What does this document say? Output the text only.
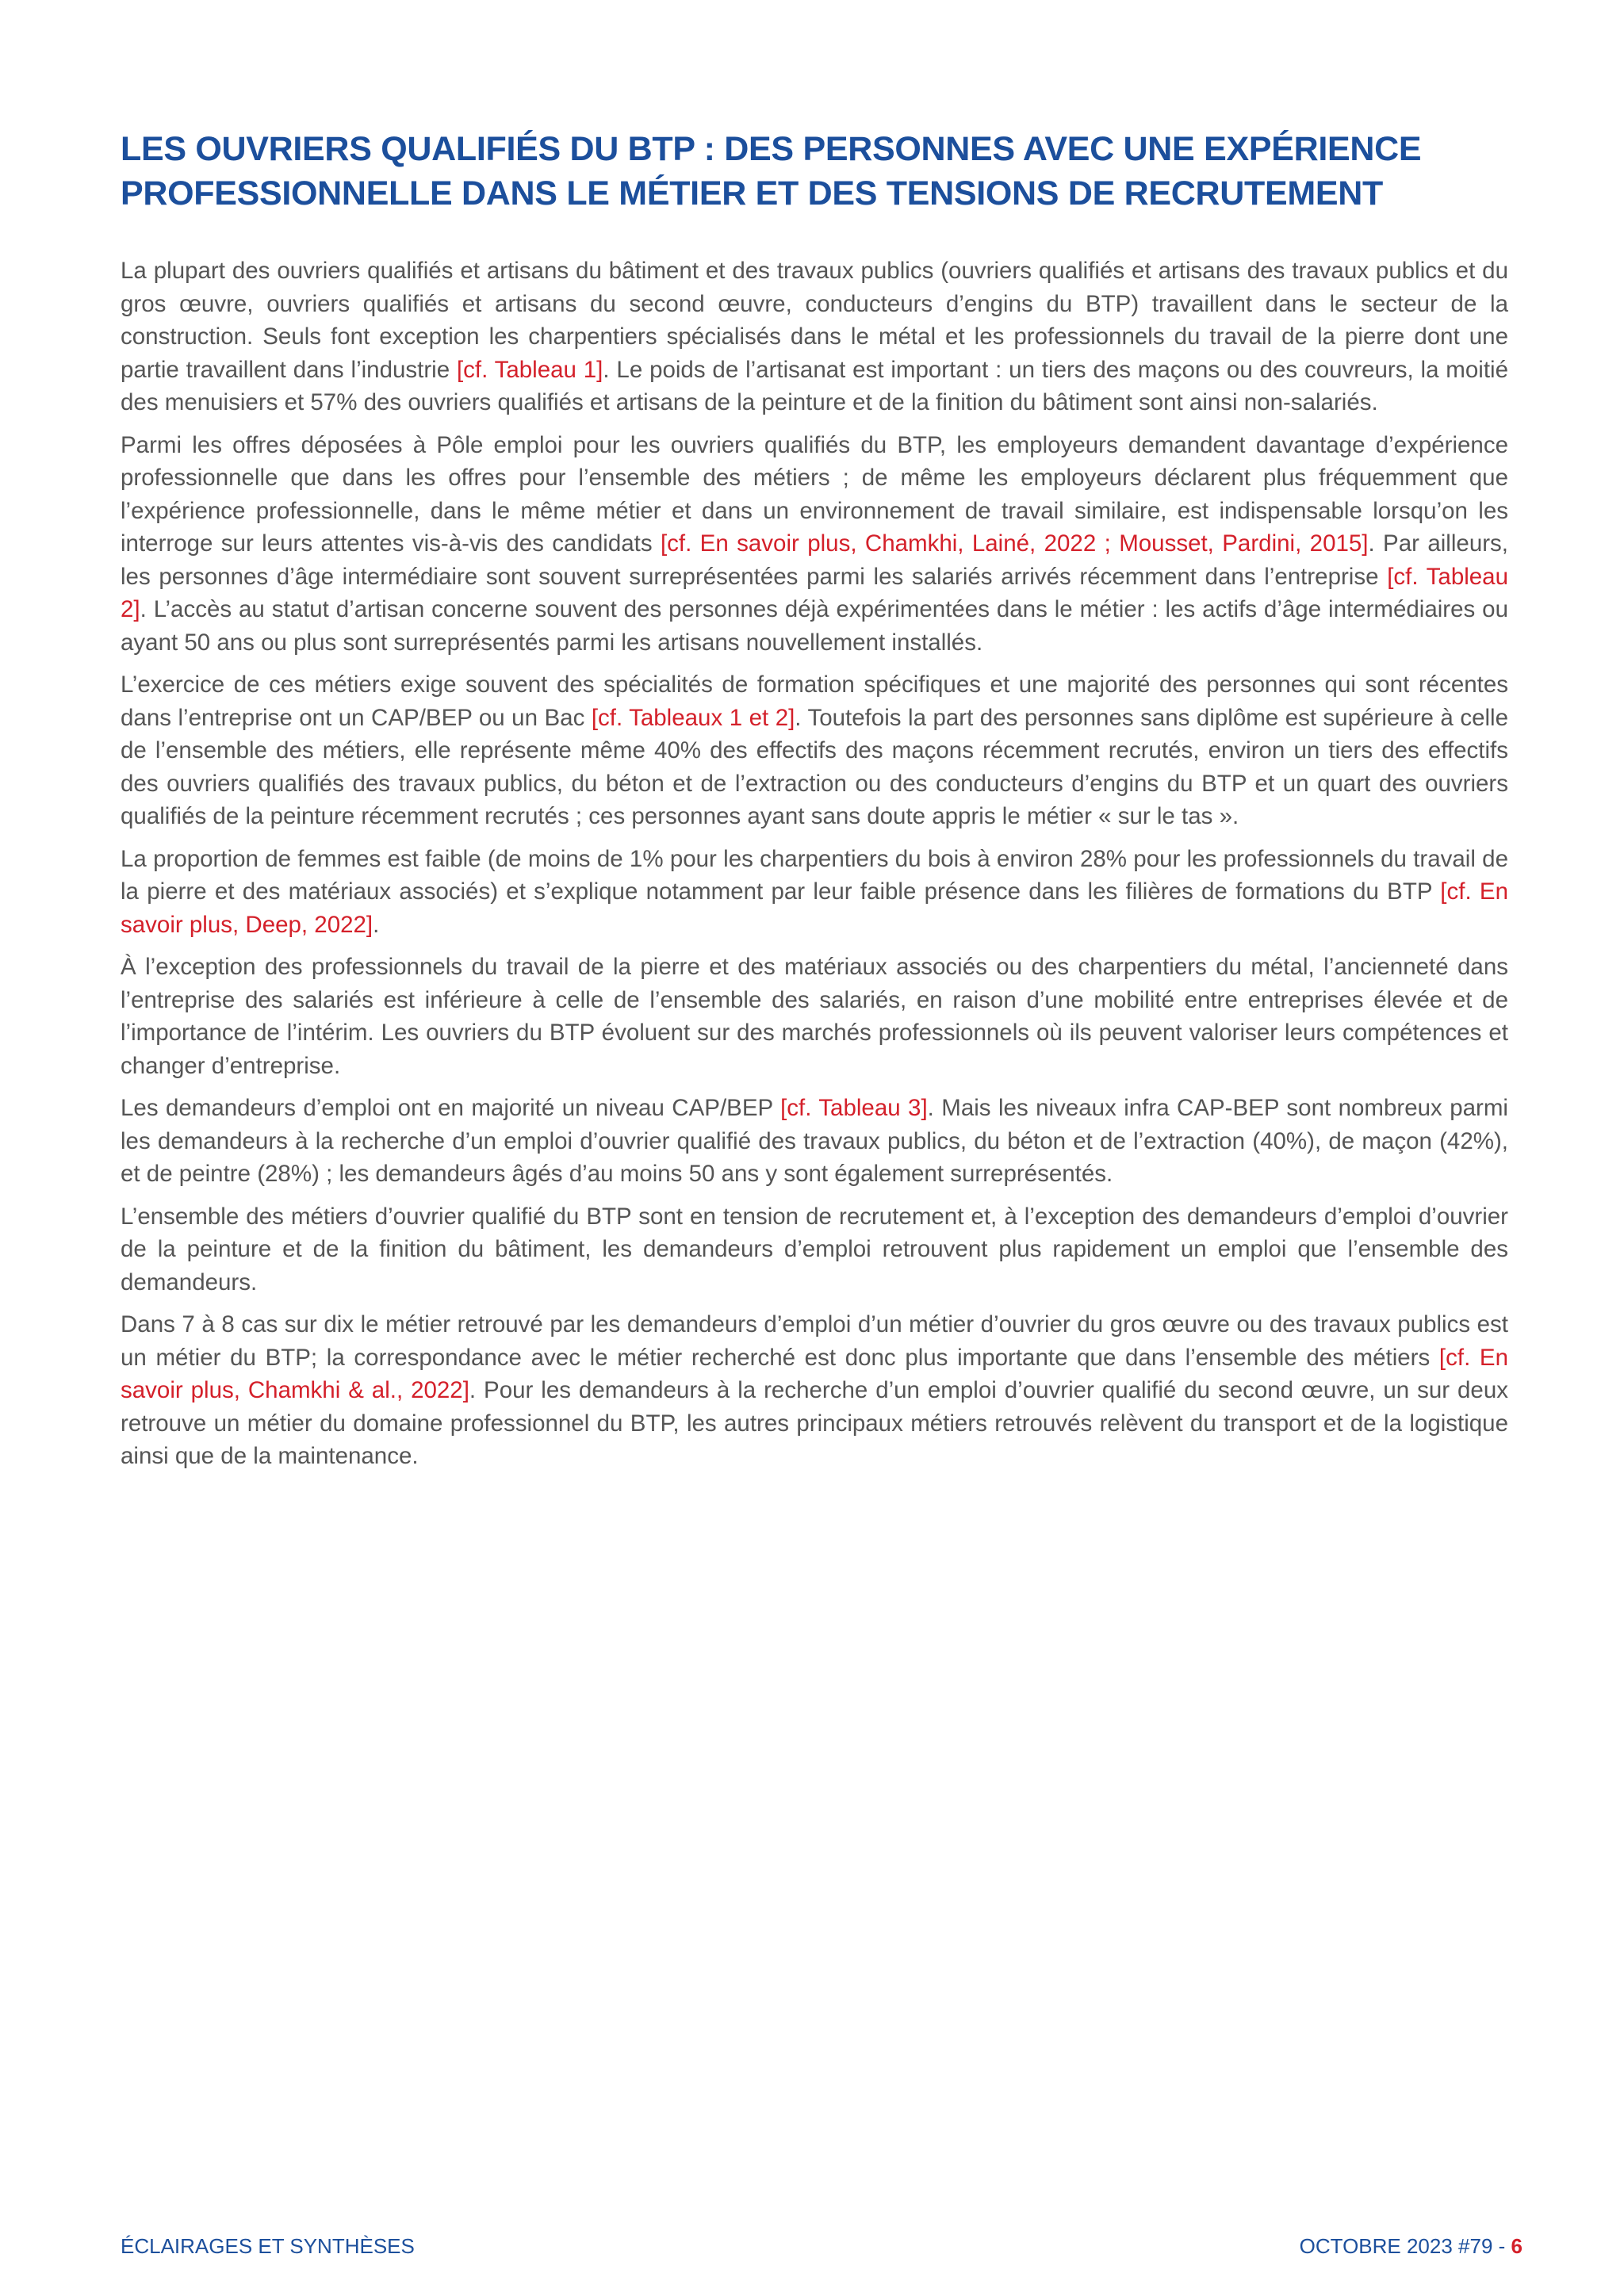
LES OUVRIERS QUALIFIÉS DU BTP : DES PERSONNES AVEC UNE EXPÉRIENCE
PROFESSIONNELLE DANS LE MÉTIER ET DES TENSIONS DE RECRUTEMENT

La plupart des ouvriers qualifiés et artisans du bâtiment et des travaux publics (ouvriers qualifiés et artisans des travaux publics et du gros œuvre, ouvriers qualifiés et artisans du second œuvre, conducteurs d’engins du BTP) travaillent dans le secteur de la construction. Seuls font exception les charpentiers spécialisés dans le métal et les professionnels du travail de la pierre dont une partie travaillent dans l’industrie [cf. Tableau 1]. Le poids de l’artisanat est important : un tiers des maçons ou des couvreurs, la moitié des menuisiers et 57% des ouvriers qualifiés et artisans de la peinture et de la finition du bâtiment sont ainsi non-salariés.

Parmi les offres déposées à Pôle emploi pour les ouvriers qualifiés du BTP, les employeurs demandent davantage d’expérience professionnelle que dans les offres pour l’ensemble des métiers ; de même les employeurs déclarent plus fréquemment que l’expérience professionnelle, dans le même métier et dans un environnement de travail similaire, est indispensable lorsqu’on les interroge sur leurs attentes vis-à-vis des candidats [cf. En savoir plus, Chamkhi, Lainé, 2022 ; Mousset, Pardini, 2015]. Par ailleurs, les personnes d’âge intermédiaire sont souvent surreprésentées parmi les salariés arrivés récemment dans l’entreprise [cf. Tableau 2]. L’accès au statut d’artisan concerne souvent des personnes déjà expérimentées dans le métier : les actifs d’âge intermédiaires ou ayant 50 ans ou plus sont surreprésentés parmi les artisans nouvellement installés.

L’exercice de ces métiers exige souvent des spécialités de formation spécifiques et une majorité des personnes qui sont récentes dans l’entreprise ont un CAP/BEP ou un Bac [cf. Tableaux 1 et 2]. Toutefois la part des personnes sans diplôme est supérieure à celle de l’ensemble des métiers, elle représente même 40% des effectifs des maçons récemment recrutés, environ un tiers des effectifs des ouvriers qualifiés des travaux publics, du béton et de l’extraction ou des conducteurs d’engins du BTP et un quart des ouvriers qualifiés de la peinture récemment recrutés ; ces personnes ayant sans doute appris le métier « sur le tas ».

La proportion de femmes est faible (de moins de 1% pour les charpentiers du bois à environ 28% pour les professionnels du travail de la pierre et des matériaux associés) et s’explique notamment par leur faible présence dans les filières de formations du BTP [cf. En savoir plus, Deep, 2022].

À l’exception des professionnels du travail de la pierre et des matériaux associés ou des charpentiers du métal, l’ancienneté dans l’entreprise des salariés est inférieure à celle de l’ensemble des salariés, en raison d’une mobilité entre entreprises élevée et de l’importance de l’intérim. Les ouvriers du BTP évoluent sur des marchés professionnels où ils peuvent valoriser leurs compétences et changer d’entreprise.

Les demandeurs d’emploi ont en majorité un niveau CAP/BEP [cf. Tableau 3]. Mais les niveaux infra CAP-BEP sont nombreux parmi les demandeurs à la recherche d’un emploi d’ouvrier qualifié des travaux publics, du béton et de l’extraction (40%), de maçon (42%), et de peintre (28%) ; les demandeurs âgés d’au moins 50 ans y sont également surreprésentés.

L’ensemble des métiers d’ouvrier qualifié du BTP sont en tension de recrutement et, à l’exception des demandeurs d’emploi d’ouvrier de la peinture et de la finition du bâtiment, les demandeurs d’emploi retrouvent plus rapidement un emploi que l’ensemble des demandeurs.

Dans 7 à 8 cas sur dix le métier retrouvé par les demandeurs d’emploi d’un métier d’ouvrier du gros œuvre ou des travaux publics est un métier du BTP; la correspondance avec le métier recherché est donc plus importante que dans l’ensemble des métiers [cf. En savoir plus, Chamkhi & al., 2022]. Pour les demandeurs à la recherche d’un emploi d’ouvrier qualifié du second œuvre, un sur deux retrouve un métier du domaine professionnel du BTP, les autres principaux métiers retrouvés relèvent du transport et de la logistique ainsi que de la maintenance.

ÉCLAIRAGES ET SYNTHÈSES	OCTOBRE 2023 #79 - 6
